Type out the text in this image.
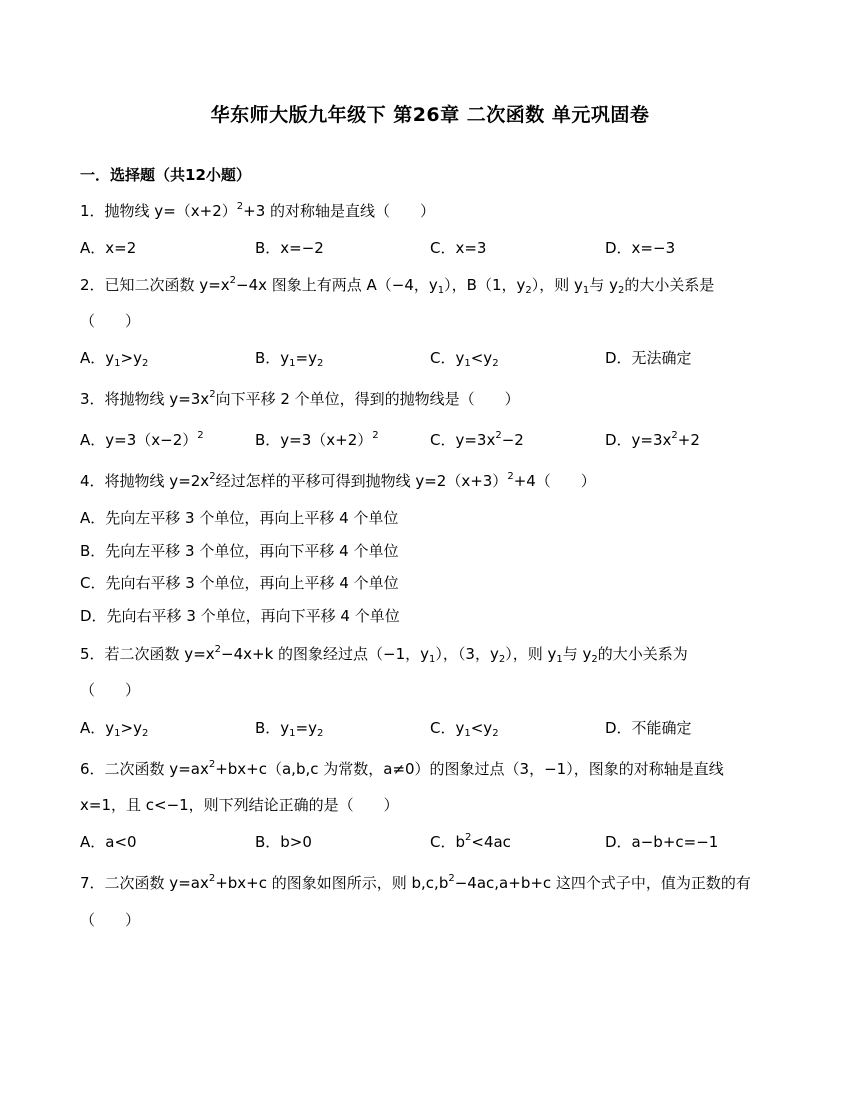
华东师大版九年级下 第26章 二次函数 单元巩固卷
一．选择题（共12小题）
1．抛物线 $y=(x+2)^2+3$ 的对称轴是直线（　　）
A．x=2	B．x=−2	C．x=3	D．x=−3
2．已知二次函数 $y=x^2-4x$ 图象上有两点 A（−4，$y_1$），B（1，$y_2$），则 $y_1$与 $y_2$的大小关系是
（　　）
A．$y_1>y_2$	B．$y_1=y_2$	C．$y_1<y_2$	D．无法确定
3．将抛物线 $y=3x^2$向下平移 2 个单位，得到的抛物线是（　　）
A．$y=3(x-2)^2$	B．$y=3(x+2)^2$	C．$y=3x^2-2$	D．$y=3x^2+2$
4．将抛物线 $y=2x^2$经过怎样的平移可得到抛物线 $y=2(x+3)^2+4$（　　）
A．先向左平移 3 个单位，再向上平移 4 个单位
B．先向左平移 3 个单位，再向下平移 4 个单位
C．先向右平移 3 个单位，再向上平移 4 个单位
D．先向右平移 3 个单位，再向下平移 4 个单位
5．若二次函数 $y=x^2-4x+k$ 的图象经过点（−1，$y_1$），（3，$y_2$），则 $y_1$与 $y_2$的大小关系为
（　　）
A．$y_1>y_2$	B．$y_1=y_2$	C．$y_1<y_2$	D．不能确定
6．二次函数 $y=ax^2+bx+c(a,b,c$ 为常数，a≠0）的图象过点（3，−1），图象的对称轴是直线
x=1，且 c<−1，则下列结论正确的是（　　）
A．a<0	B．b>0	C．$b^2<4ac$	D．a−b+c=−1
7．二次函数 $y=ax^2+bx+c$ 的图象如图所示，则 $b,c,b^2-4ac,a+b+c$ 这四个式子中，值为正数的有
（　　）
